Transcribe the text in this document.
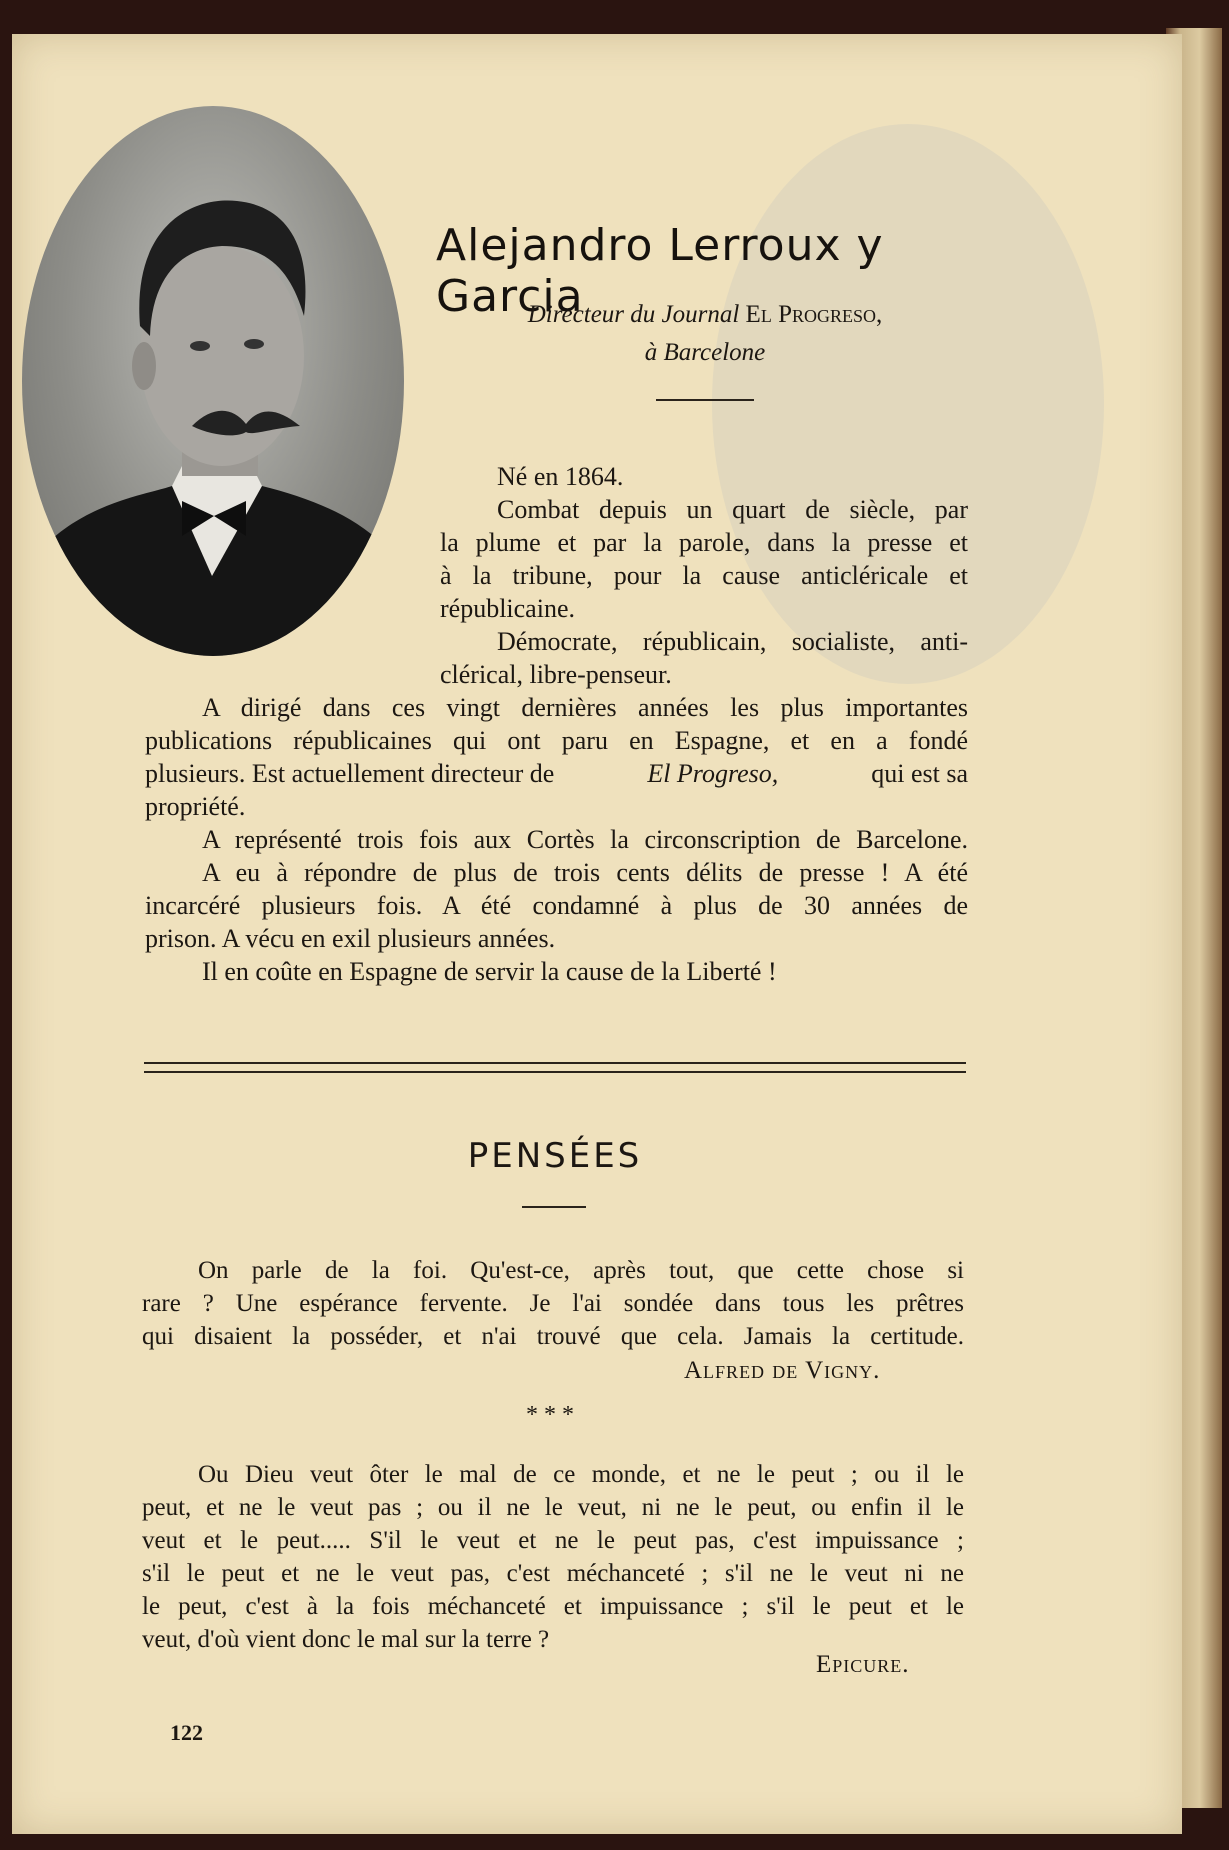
Alejandro Lerroux y Garcia
Directeur du Journal El Progreso,
à Barcelone
Né en 1864.
Combat depuis un quart de siècle, par
la plume et par la parole, dans la presse et
à la tribune, pour la cause anticléricale et
républicaine.
Démocrate, républicain, socialiste, anti-
clérical, libre-penseur.
A dirigé dans ces vingt dernières années les plus importantes
publications républicaines qui ont paru en Espagne, et en a fondé
plusieurs. Est actuellement directeur de	El Progreso,	qui est sa
propriété.
A représenté trois fois aux Cortès la circonscription de Barcelone.
A eu à répondre de plus de trois cents délits de presse ! A été
incarcéré plusieurs fois. A été condamné à plus de 30 années de
prison. A vécu en exil plusieurs années.
Il en coûte en Espagne de servir la cause de la Liberté !
PENSÉES
On parle de la foi. Qu'est-ce, après tout, que cette chose si
rare ? Une espérance fervente. Je l'ai sondée dans tous les prêtres
qui disaient la posséder, et n'ai trouvé que cela. Jamais la certitude.
Alfred de Vigny.
* * *
Ou Dieu veut ôter le mal de ce monde, et ne le peut ; ou il le
peut, et ne le veut pas ; ou il ne le veut, ni ne le peut, ou enfin il le
veut et le peut..... S'il le veut et ne le peut pas, c'est impuissance ;
s'il le peut et ne le veut pas, c'est méchanceté ; s'il ne le veut ni ne
le peut, c'est à la fois méchanceté et impuissance ; s'il le peut et le
veut, d'où vient donc le mal sur la terre ?
Epicure.
122
